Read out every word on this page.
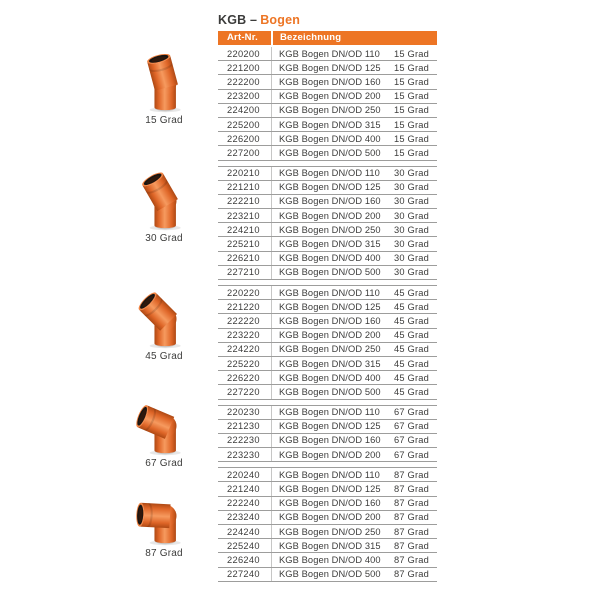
15 Grad
30 Grad
45 Grad
67 Grad
87 Grad
KGB – Bogen
Art-Nr.	Bezeichnung
220200	KGB Bogen DN/OD 110 15 Grad
221200	KGB Bogen DN/OD 125 15 Grad
222200	KGB Bogen DN/OD 160 15 Grad
223200	KGB Bogen DN/OD 200 15 Grad
224200	KGB Bogen DN/OD 250 15 Grad
225200	KGB Bogen DN/OD 315 15 Grad
226200	KGB Bogen DN/OD 400 15 Grad
227200	KGB Bogen DN/OD 500 15 Grad
220210	KGB Bogen DN/OD 110 30 Grad
221210	KGB Bogen DN/OD 125 30 Grad
222210	KGB Bogen DN/OD 160 30 Grad
223210	KGB Bogen DN/OD 200 30 Grad
224210	KGB Bogen DN/OD 250 30 Grad
225210	KGB Bogen DN/OD 315 30 Grad
226210	KGB Bogen DN/OD 400 30 Grad
227210	KGB Bogen DN/OD 500 30 Grad
220220	KGB Bogen DN/OD 110 45 Grad
221220	KGB Bogen DN/OD 125 45 Grad
222220	KGB Bogen DN/OD 160 45 Grad
223220	KGB Bogen DN/OD 200 45 Grad
224220	KGB Bogen DN/OD 250 45 Grad
225220	KGB Bogen DN/OD 315 45 Grad
226220	KGB Bogen DN/OD 400 45 Grad
227220	KGB Bogen DN/OD 500 45 Grad
220230	KGB Bogen DN/OD 110 67 Grad
221230	KGB Bogen DN/OD 125 67 Grad
222230	KGB Bogen DN/OD 160 67 Grad
223230	KGB Bogen DN/OD 200 67 Grad
220240	KGB Bogen DN/OD 110 87 Grad
221240	KGB Bogen DN/OD 125 87 Grad
222240	KGB Bogen DN/OD 160 87 Grad
223240	KGB Bogen DN/OD 200 87 Grad
224240	KGB Bogen DN/OD 250 87 Grad
225240	KGB Bogen DN/OD 315 87 Grad
226240	KGB Bogen DN/OD 400 87 Grad
227240	KGB Bogen DN/OD 500 87 Grad
